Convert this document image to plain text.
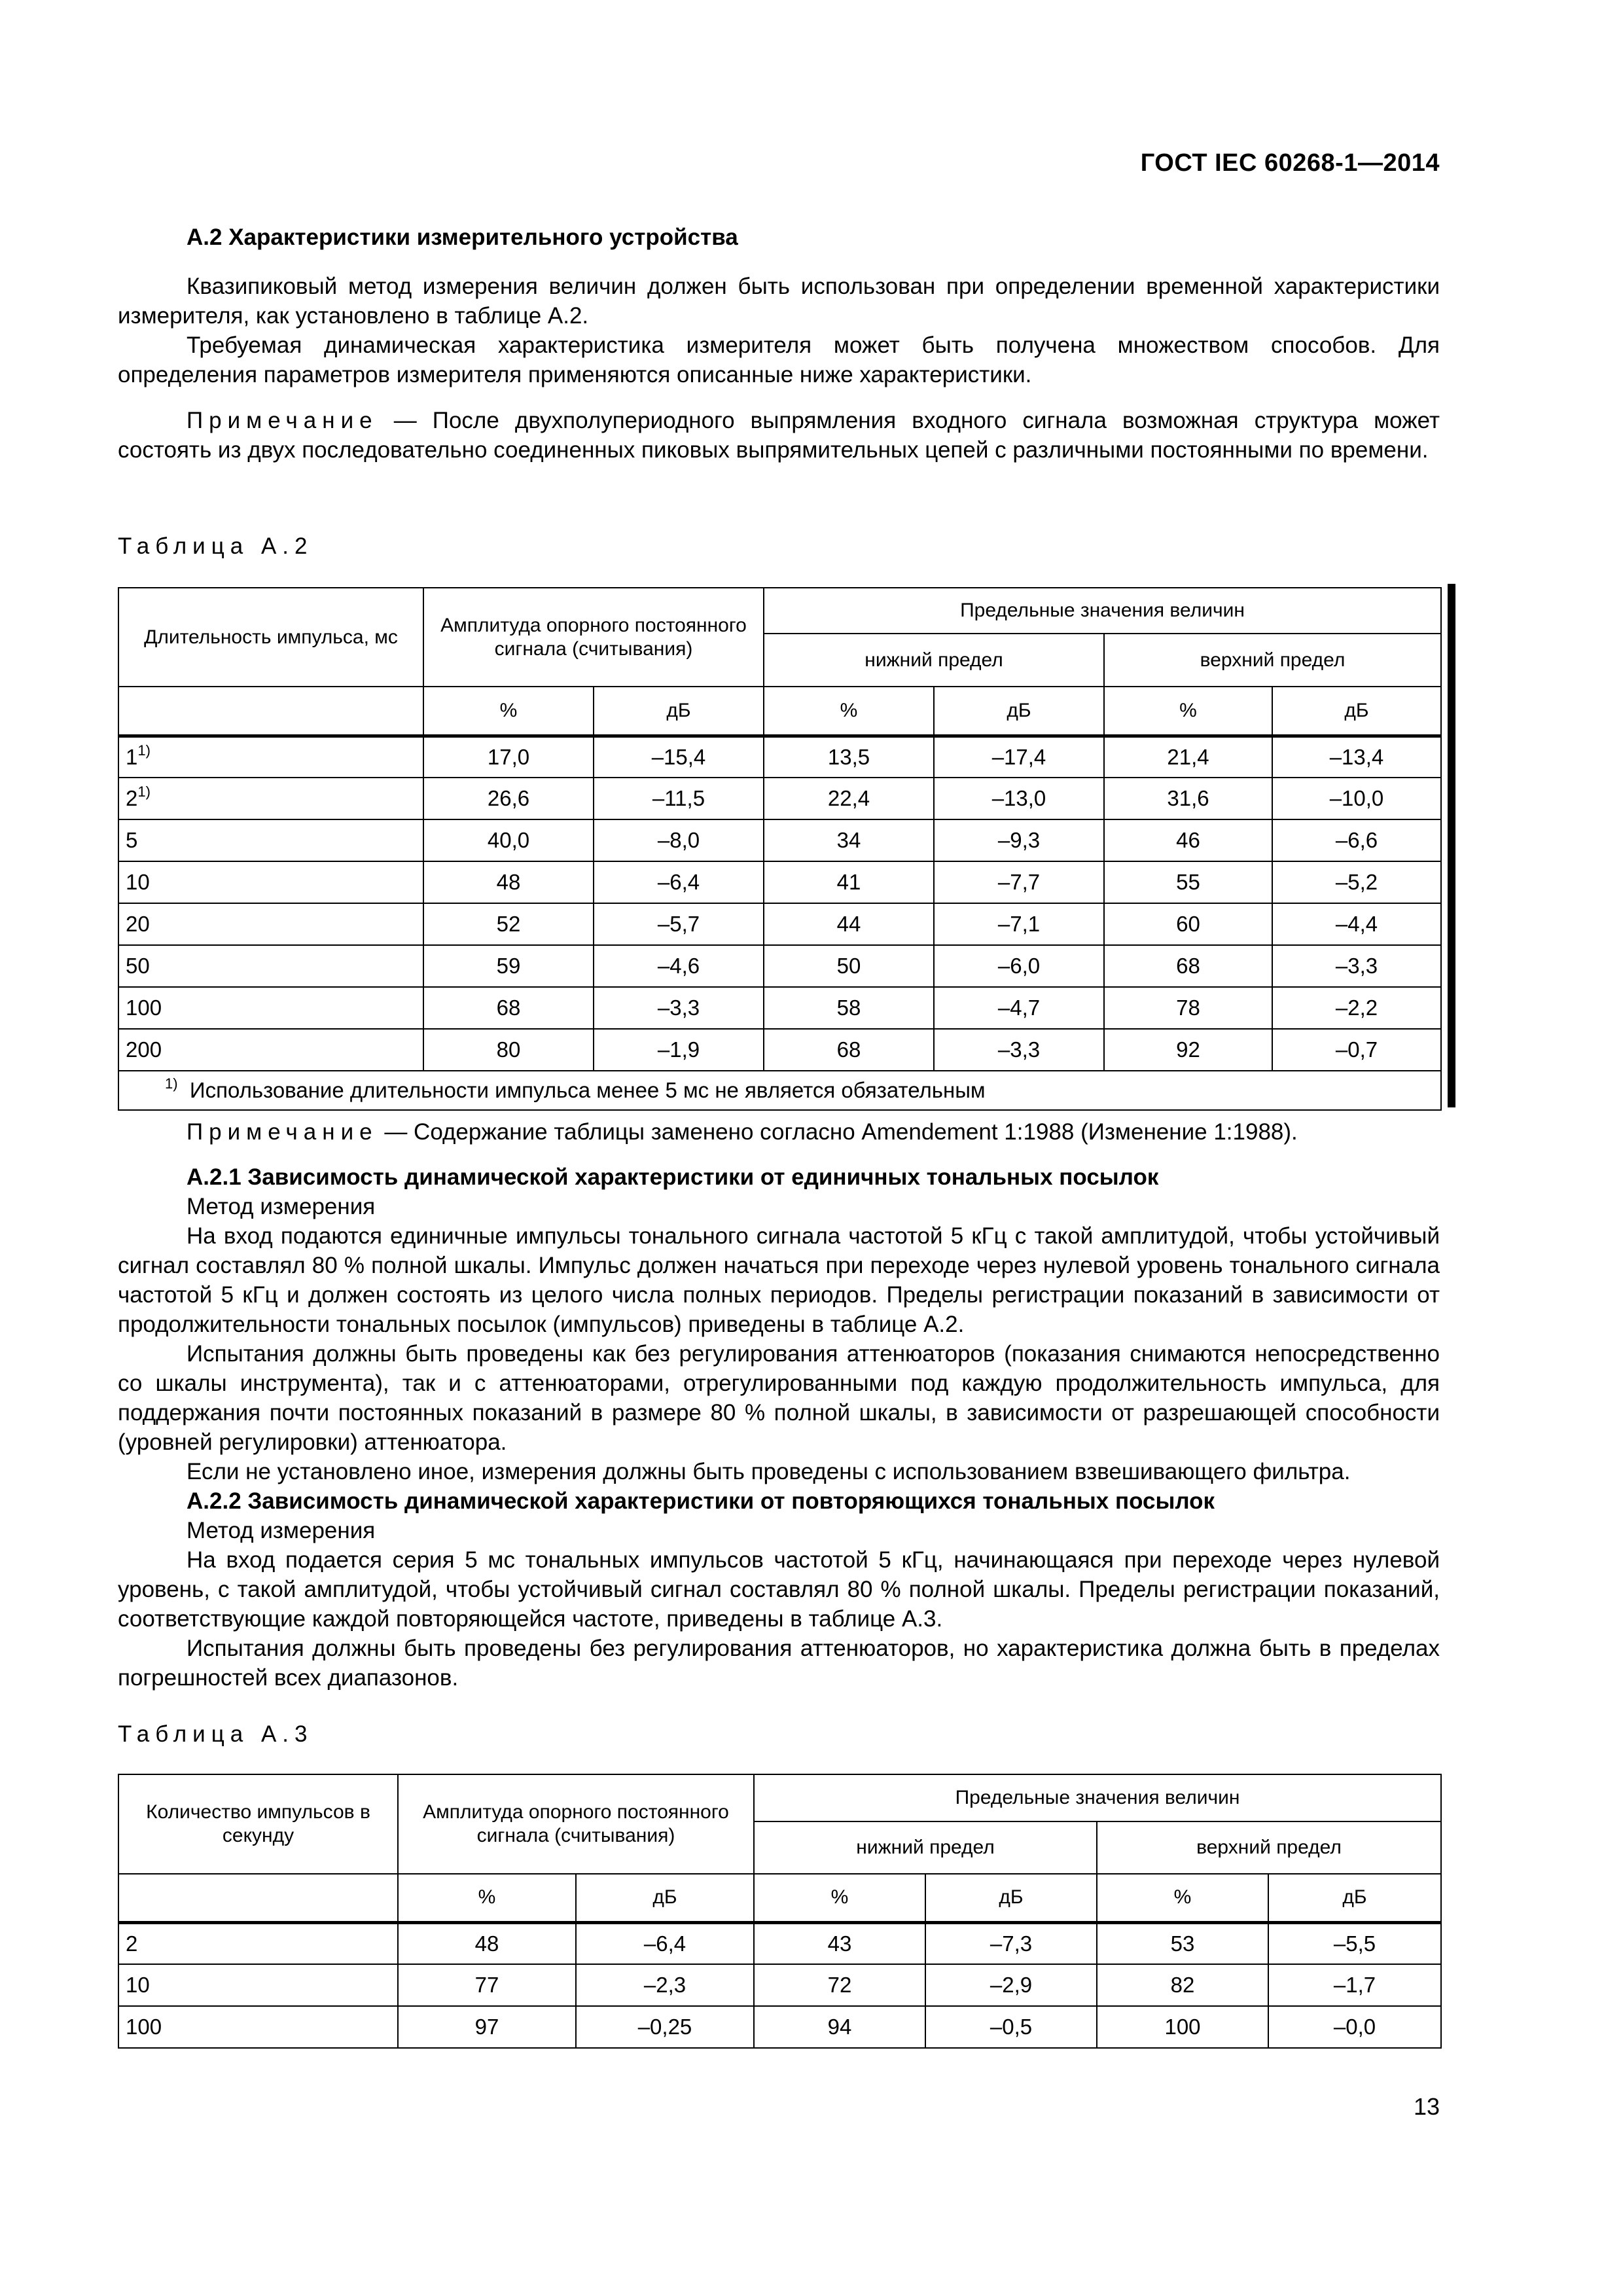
ГОСТ IEC 60268-1—2014

А.2 Характеристики измерительного устройства

Квазипиковый метод измерения величин должен быть использован при определении временной характеристики измерителя, как установлено в таблице А.2.

Требуемая динамическая характеристика измерителя может быть получена множеством способов. Для определения параметров измерителя применяются описанные ниже характеристики.

Примечание — После двухполупериодного выпрямления входного сигнала возможная структура может состоять из двух последовательно соединенных пиковых выпрямительных цепей с различными постоянными по времени.

Таблица А.2
Длительность импульса, мс	Амплитуда опорного постоянного сигнала (считывания)		Предельные значения величин			
			нижний предел		верхний предел	
	%	дБ	%	дБ	%	дБ
1$^{1)}$	17,0	–15,4	13,5	–17,4	21,4	–13,4
2$^{1)}$	26,6	–11,5	22,4	–13,0	31,6	–10,0
5	40,0	–8,0	34	–9,3	46	–6,6
10	48	–6,4	41	–7,7	55	–5,2
20	52	–5,7	44	–7,1	60	–4,4
50	59	–4,6	50	–6,0	68	–3,3
100	68	–3,3	58	–4,7	78	–2,2
200	80	–1,9	68	–3,3	92	–0,7
$^{1)}$ Использование длительности импульса менее 5 мс не является обязательным						

Примечание — Содержание таблицы заменено согласно Amendement 1:1988 (Изменение 1:1988).

А.2.1 Зависимость динамической характеристики от единичных тональных посылок

Метод измерения

На вход подаются единичные импульсы тонального сигнала частотой 5 кГц с такой амплитудой, чтобы устойчивый сигнал составлял 80 % полной шкалы. Импульс должен начаться при переходе через нулевой уровень тонального сигнала частотой 5 кГц и должен состоять из целого числа полных периодов. Пределы регистрации показаний в зависимости от продолжительности тональных посылок (импульсов) приведены в таблице А.2.

Испытания должны быть проведены как без регулирования аттенюаторов (показания снимаются непосредственно со шкалы инструмента), так и с аттенюаторами, отрегулированными под каждую продолжительность импульса, для поддержания почти постоянных показаний в размере 80 % полной шкалы, в зависимости от разрешающей способности (уровней регулировки) аттенюатора.

Если не установлено иное, измерения должны быть проведены с использованием взвешивающего фильтра.

А.2.2 Зависимость динамической характеристики от повторяющихся тональных посылок

Метод измерения

На вход подается серия 5 мс тональных импульсов частотой 5 кГц, начинающаяся при переходе через нулевой уровень, с такой амплитудой, чтобы устойчивый сигнал составлял 80 % полной шкалы. Пределы регистрации показаний, соответствующие каждой повторяющейся частоте, приведены в таблице А.3.

Испытания должны быть проведены без регулирования аттенюаторов, но характеристика должна быть в пределах погрешностей всех диапазонов.

Таблица А.3
Количество импульсов в секунду	Амплитуда опорного постоянного сигнала (считывания)		Предельные значения величин			
			нижний предел		верхний предел	
	%	дБ	%	дБ	%	дБ
2	48	–6,4	43	–7,3	53	–5,5
10	77	–2,3	72	–2,9	82	–1,7
100	97	–0,25	94	–0,5	100	–0,0
13
